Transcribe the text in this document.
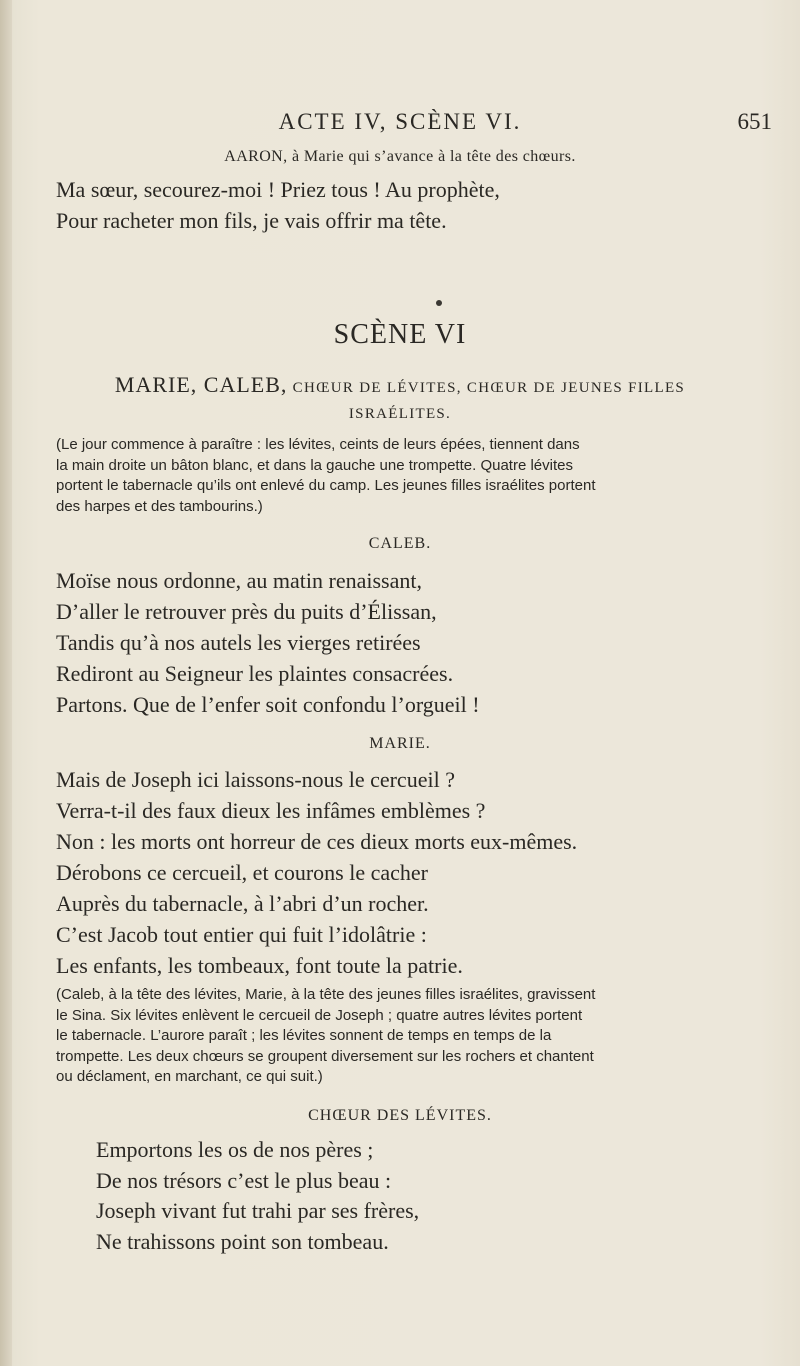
ACTE IV, SCÈNE VI.	651
AARON, à Marie qui s’avance à la tête des chœurs.
Ma sœur, secourez-moi ! Priez tous ! Au prophète,
Pour racheter mon fils, je vais offrir ma tête.
SCÈNE VI
MARIE, CALEB, CHŒUR DE LÉVITES, CHŒUR DE JEUNES FILLES
ISRAÉLITES.
(Le jour commence à paraître : les lévites, ceints de leurs épées, tiennent dans
la main droite un bâton blanc, et dans la gauche une trompette. Quatre lévites
portent le tabernacle qu’ils ont enlevé du camp. Les jeunes filles israélites portent
des harpes et des tambourins.)
CALEB.
Moïse nous ordonne, au matin renaissant,
D’aller le retrouver près du puits d’Élissan,
Tandis qu’à nos autels les vierges retirées
Rediront au Seigneur les plaintes consacrées.
Partons. Que de l’enfer soit confondu l’orgueil !
MARIE.
Mais de Joseph ici laissons-nous le cercueil ?
Verra-t-il des faux dieux les infâmes emblèmes ?
Non : les morts ont horreur de ces dieux morts eux-mêmes.
Dérobons ce cercueil, et courons le cacher
Auprès du tabernacle, à l’abri d’un rocher.
C’est Jacob tout entier qui fuit l’idolâtrie :
Les enfants, les tombeaux, font toute la patrie.
(Caleb, à la tête des lévites, Marie, à la tête des jeunes filles israélites, gravissent
le Sina. Six lévites enlèvent le cercueil de Joseph ; quatre autres lévites portent
le tabernacle. L’aurore paraît ; les lévites sonnent de temps en temps de la
trompette. Les deux chœurs se groupent diversement sur les rochers et chantent
ou déclament, en marchant, ce qui suit.)
CHŒUR DES LÉVITES.
Emportons les os de nos pères ;
De nos trésors c’est le plus beau :
Joseph vivant fut trahi par ses frères,
Ne trahissons point son tombeau.
